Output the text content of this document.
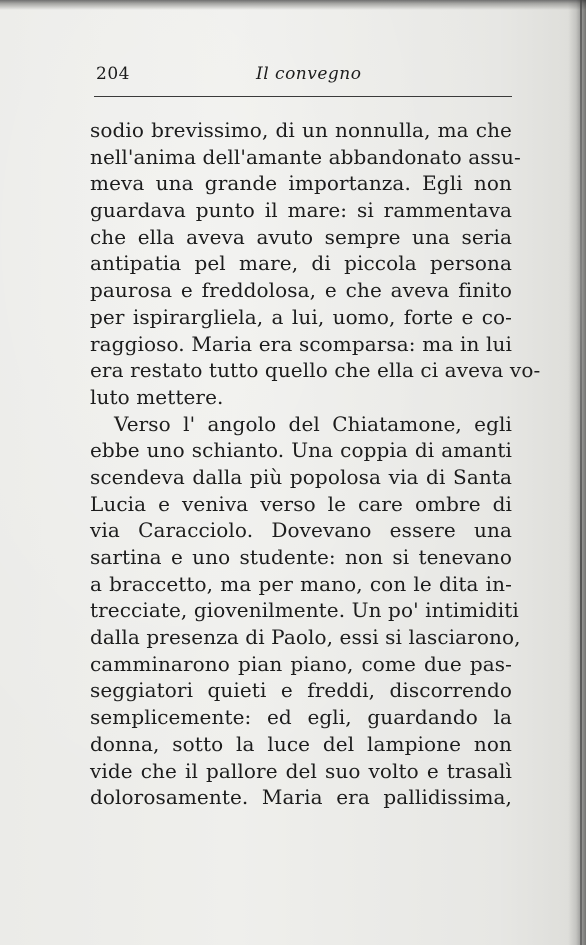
204	Il convegno
sodio brevissimo, di un nonnulla, ma che
nell'anima dell'amante abbandonato assu-
meva una grande importanza. Egli non
guardava punto il mare: si rammentava
che ella aveva avuto sempre una seria
antipatia pel mare, di piccola persona
paurosa e freddolosa, e che aveva finito
per ispirargliela, a lui, uomo, forte e co-
raggioso. Maria era scomparsa: ma in lui
era restato tutto quello che ella ci aveva vo-
luto mettere.
Verso l' angolo del Chiatamone, egli
ebbe uno schianto. Una coppia di amanti
scendeva dalla più popolosa via di Santa
Lucia e veniva verso le care ombre di
via Caracciolo. Dovevano essere una
sartina e uno studente: non si tenevano
a braccetto, ma per mano, con le dita in-
trecciate, giovenilmente. Un po' intimiditi
dalla presenza di Paolo, essi si lasciarono,
camminarono pian piano, come due pas-
seggiatori quieti e freddi, discorrendo
semplicemente: ed egli, guardando la
donna, sotto la luce del lampione non
vide che il pallore del suo volto e trasalì
dolorosamente. Maria era pallidissima,
